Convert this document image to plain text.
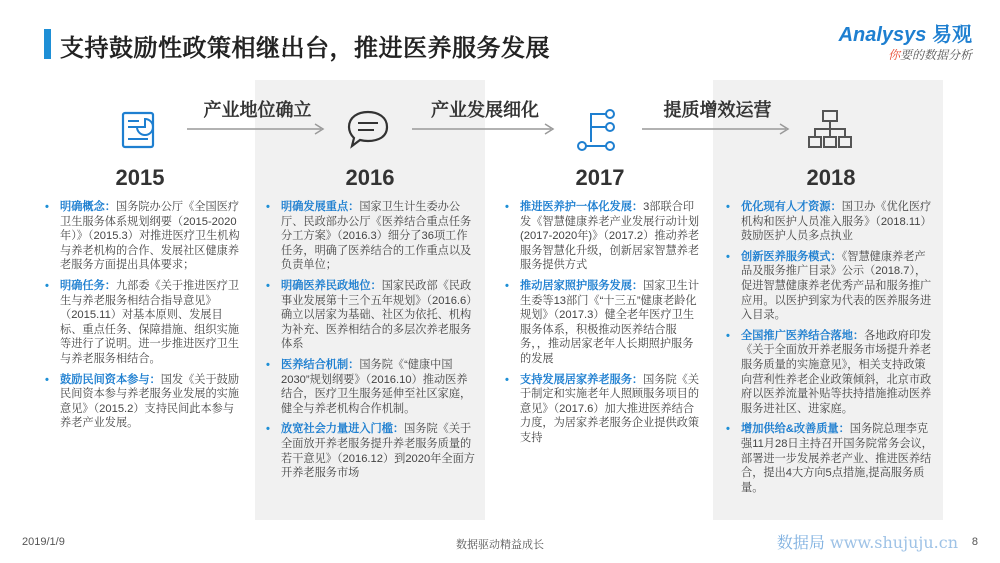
支持鼓励性政策相继出台，推进医养服务发展	Analysys 易观
你要的数据分析
产业地位确立	产业发展细化	提质增效运营
2015	2016	2017	2018
• 明确概念：国务院办公厅《全国医疗卫生服务体系规划纲要（2015-2020年）》（2015.3）对推进医疗卫生机构与养老机构的合作、发展社区健康养老服务方面提出具体要求；
• 明确任务：九部委《关于推进医疗卫生与养老服务相结合指导意见》（2015.11）对基本原则、发展目标、重点任务、保障措施、组织实施等进行了说明。进一步推进医疗卫生与养老服务相结合。
• 鼓励民间资本参与：国发《关于鼓励民间资本参与养老服务业发展的实施意见》（2015.2）支持民间此本参与养老产业发展。
• 明确发展重点：国家卫生计生委办公厅、民政部办公厅《医养结合重点任务分工方案》（2016.3）细分了36项工作任务，明确了医养结合的工作重点以及负责单位；
• 明确医养民政地位：国家民政部《民政事业发展第十三个五年规划》（2016.6）确立以居家为基础、社区为依托、机构为补充、医养相结合的多层次养老服务体系
• 医养结合机制：国务院《“健康中国2030”规划纲要》（2016.10）推动医养结合，医疗卫生服务延伸至社区家庭，健全与养老机构合作机制。
• 放宽社会力量进入门槛：国务院《关于全面放开养老服务提升养老服务质量的若干意见》（2016.12）到2020年全面方开养老服务市场
• 推进医养护一体化发展：3部联合印发《智慧健康养老产业发展行动计划(2017-2020年)》（2017.2）推动养老服务智慧化升级，创新居家智慧养老服务提供方式
• 推动居家照护服务发展：国家卫生计生委等13部门《“十三五”健康老龄化规划》（2017.3）健全老年医疗卫生服务体系，积极推动医养结合服务，，推动居家老年人长期照护服务的发展
• 支持发展居家养老服务：国务院《关于制定和实施老年人照顾服务项目的意见》（2017.6）加大推进医养结合力度，为居家养老服务企业提供政策支持
• 优化现有人才资源：国卫办《优化医疗机构和医护人员准入服务》（2018.11）鼓励医护人员多点执业
• 创新医养服务模式：《智慧健康养老产品及服务推广目录》公示（2018.7），促进智慧健康养老优秀产品和服务推广应用。以医护到家为代表的医养服务进入目录。
• 全国推广医养结合落地：各地政府印发《关于全面放开养老服务市场提升养老服务质量的实施意见》，相关支持政策向营利性养老企业政策倾斜，北京市政府以医养流量补贴等扶持措施推动医养服务进社区、进家庭。
• 增加供给&改善质量：国务院总理李克强11月28日主持召开国务院常务会议，部署进一步发展养老产业、推进医养结合，提出4大方向5点措施,提高服务质量。
2019/1/9	数据驱动精益成长	数据局 www.shujuju.cn 8
